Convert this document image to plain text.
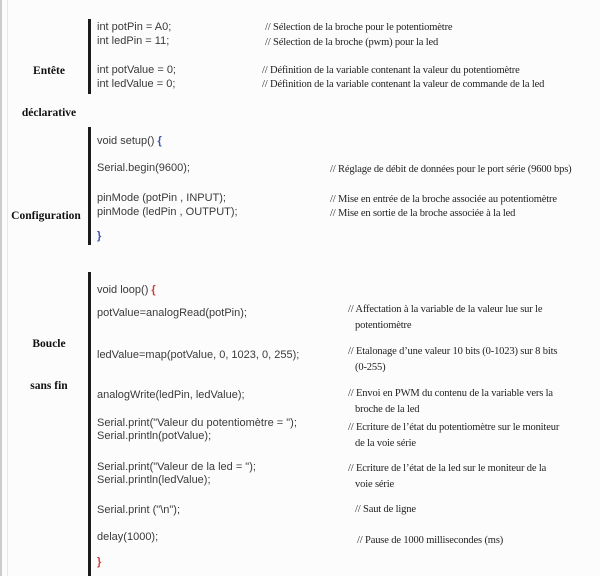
Entête

déclarative

int potPin = A0;
int ledPin = 11;
int potValue = 0;
int ledValue = 0;
// Sélection de la broche pour le potentiomètre
// Sélection de la broche (pwm) pour la led
// Définition de la variable contenant la valeur du potentiomètre
// Définition de la variable contenant la valeur de commande de la led

Configuration

void setup() {
Serial.begin(9600);
pinMode (potPin , INPUT);
pinMode (ledPin , OUTPUT);
}
// Réglage de débit de données pour le port série (9600 bps)
// Mise en entrée de la broche associée au potentiomètre
// Mise en sortie de la broche associée à la led

Boucle

sans fin

void loop() {
potValue=analogRead(potPin);
ledValue=map(potValue, 0, 1023, 0, 255);
analogWrite(ledPin, ledValue);
Serial.print("Valeur du potentiomètre = ");
Serial.println(potValue);
Serial.print("Valeur de la led = ");
Serial.println(ledValue);
Serial.print ("\n");
delay(1000);
}
// Affectation à la variable de la valeur lue sur le
potentiomètre
// Etalonage d’une valeur 10 bits (0-1023) sur 8 bits
(0-255)
// Envoi en PWM du contenu de la variable vers la
broche de la led
// Ecriture de l’état du potentiomètre sur le moniteur
de la voie série
// Ecriture de l’état de la led sur le moniteur de la
voie série
// Saut de ligne
// Pause de 1000 millisecondes (ms)
